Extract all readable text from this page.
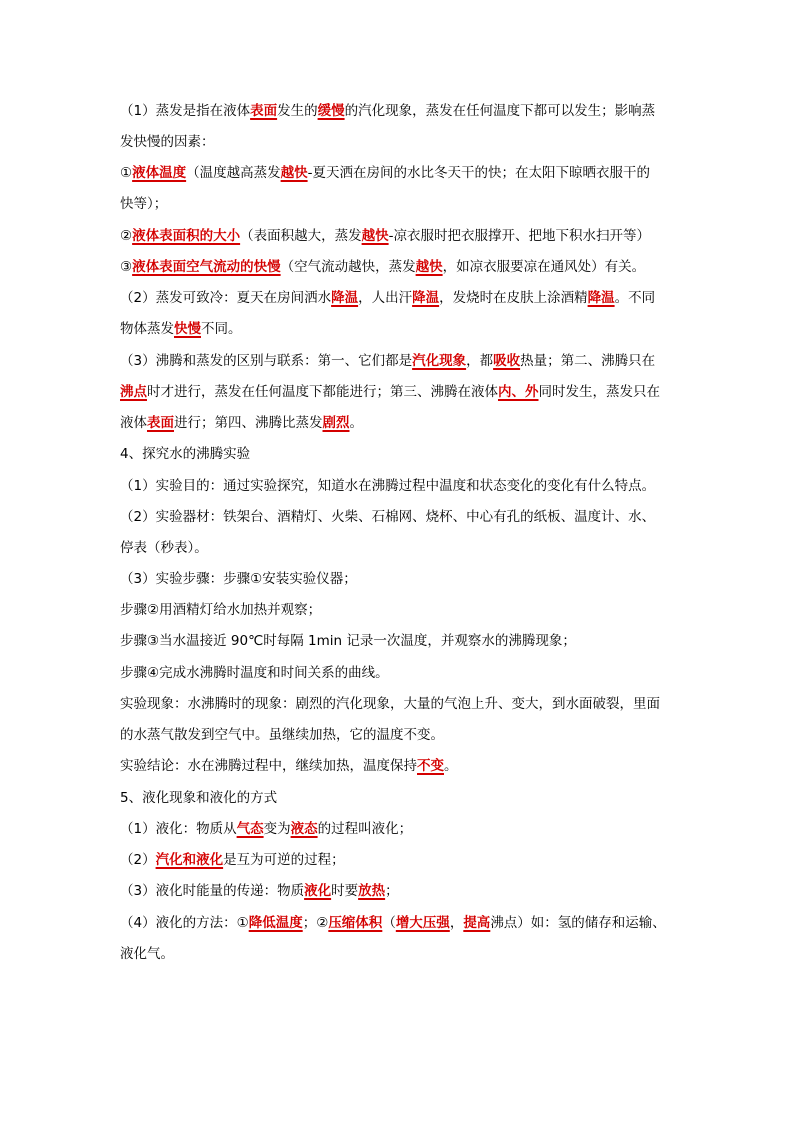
（1）蒸发是指在液体表面发生的缓慢的汽化现象，蒸发在任何温度下都可以发生；影响蒸
发快慢的因素：
①液体温度（温度越高蒸发越快-夏天洒在房间的水比冬天干的快；在太阳下晾晒衣服干的
快等）；
②液体表面积的大小（表面积越大，蒸发越快-凉衣服时把衣服撑开、把地下积水扫开等）
③液体表面空气流动的快慢（空气流动越快，蒸发越快，如凉衣服要凉在通风处）有关。
（2）蒸发可致冷：夏天在房间洒水降温，人出汗降温，发烧时在皮肤上涂酒精降温。不同
物体蒸发快慢不同。
（3）沸腾和蒸发的区别与联系：第一、它们都是汽化现象，都吸收热量；第二、沸腾只在
沸点时才进行，蒸发在任何温度下都能进行；第三、沸腾在液体内、外同时发生，蒸发只在
液体表面进行；第四、沸腾比蒸发剧烈。
4、探究水的沸腾实验
（1）实验目的：通过实验探究，知道水在沸腾过程中温度和状态变化的变化有什么特点。
（2）实验器材：铁架台、酒精灯、火柴、石棉网、烧杯、中心有孔的纸板、温度计、水、
停表（秒表）。
（3）实验步骤：步骤①安装实验仪器；
步骤②用酒精灯给水加热并观察；
步骤③当水温接近 90℃时每隔 1min 记录一次温度，并观察水的沸腾现象；
步骤④完成水沸腾时温度和时间关系的曲线。
实验现象：水沸腾时的现象：剧烈的汽化现象，大量的气泡上升、变大，到水面破裂，里面
的水蒸气散发到空气中。虽继续加热，它的温度不变。
实验结论：水在沸腾过程中，继续加热，温度保持不变。
5、液化现象和液化的方式
（1）液化：物质从气态变为液态的过程叫液化；
（2）汽化和液化是互为可逆的过程；
（3）液化时能量的传递：物质液化时要放热；
（4）液化的方法：①降低温度；②压缩体积（增大压强，提高沸点）如：氢的储存和运输、
液化气。
